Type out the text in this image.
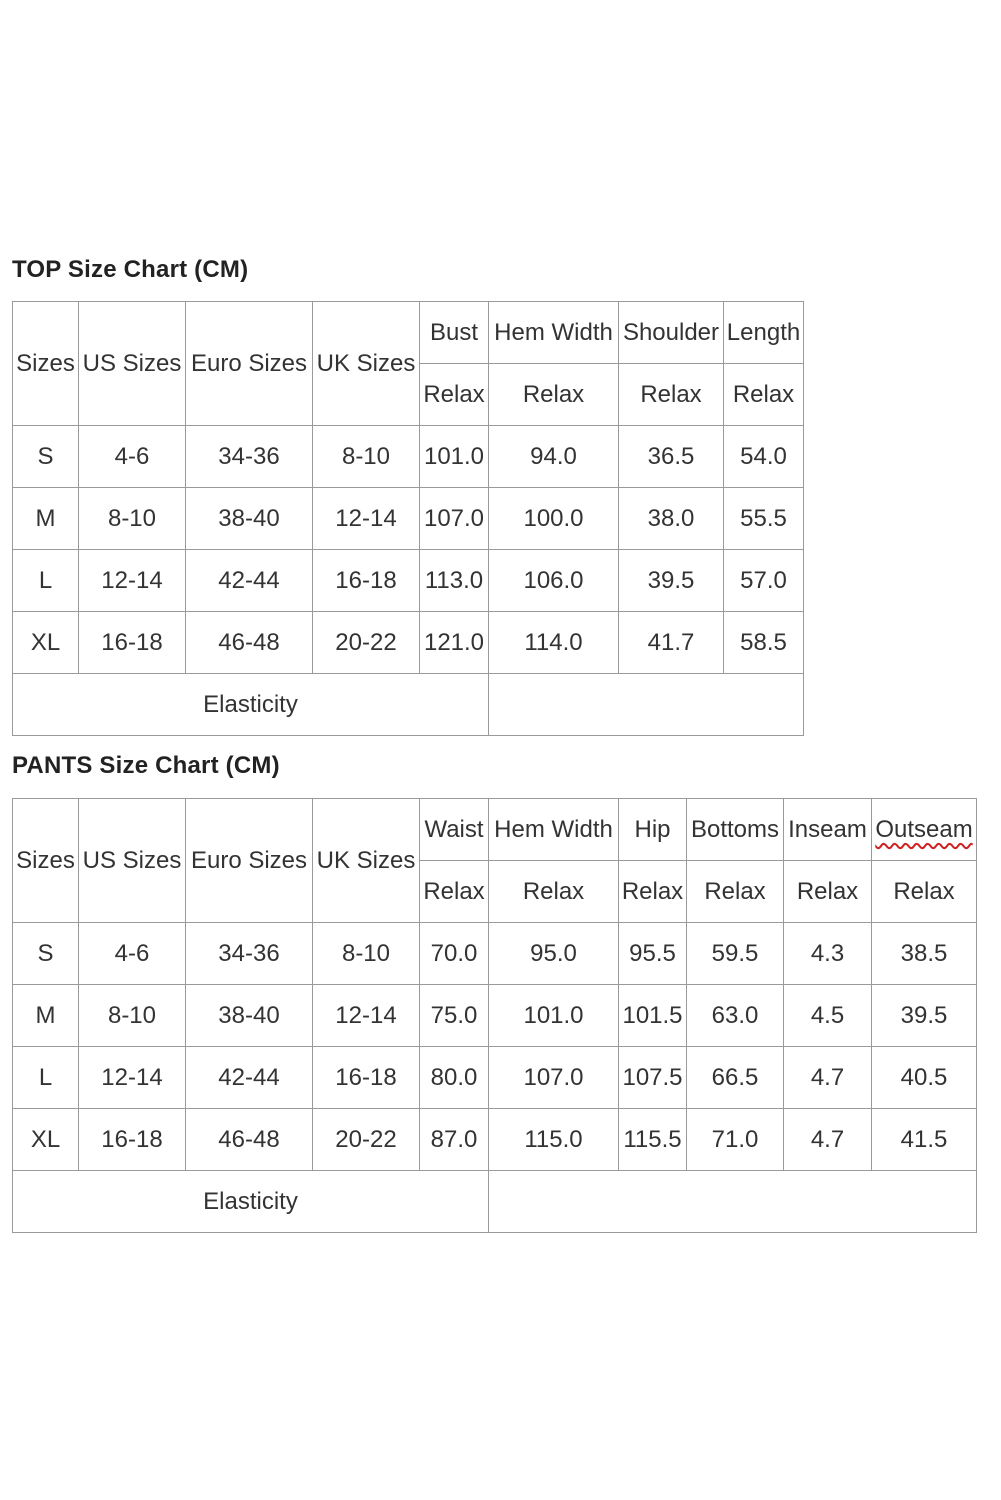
TOP Size Chart (CM)
Sizes	US Sizes	Euro Sizes	UK Sizes	Bust	Hem Width	Shoulder	Length
				Relax	Relax	Relax	Relax
S	4-6	34-36	8-10	101.0	94.0	36.5	54.0
M	8-10	38-40	12-14	107.0	100.0	38.0	55.5
L	12-14	42-44	16-18	113.0	106.0	39.5	57.0
XL	16-18	46-48	20-22	121.0	114.0	41.7	58.5
Elasticity							
PANTS Size Chart (CM)
Sizes	US Sizes	Euro Sizes	UK Sizes	Waist	Hem Width	Hip	Bottoms	Inseam	Outseam
				Relax	Relax	Relax	Relax	Relax	Relax
S	4-6	34-36	8-10	70.0	95.0	95.5	59.5	4.3	38.5
M	8-10	38-40	12-14	75.0	101.0	101.5	63.0	4.5	39.5
L	12-14	42-44	16-18	80.0	107.0	107.5	66.5	4.7	40.5
XL	16-18	46-48	20-22	87.0	115.0	115.5	71.0	4.7	41.5
Elasticity									
